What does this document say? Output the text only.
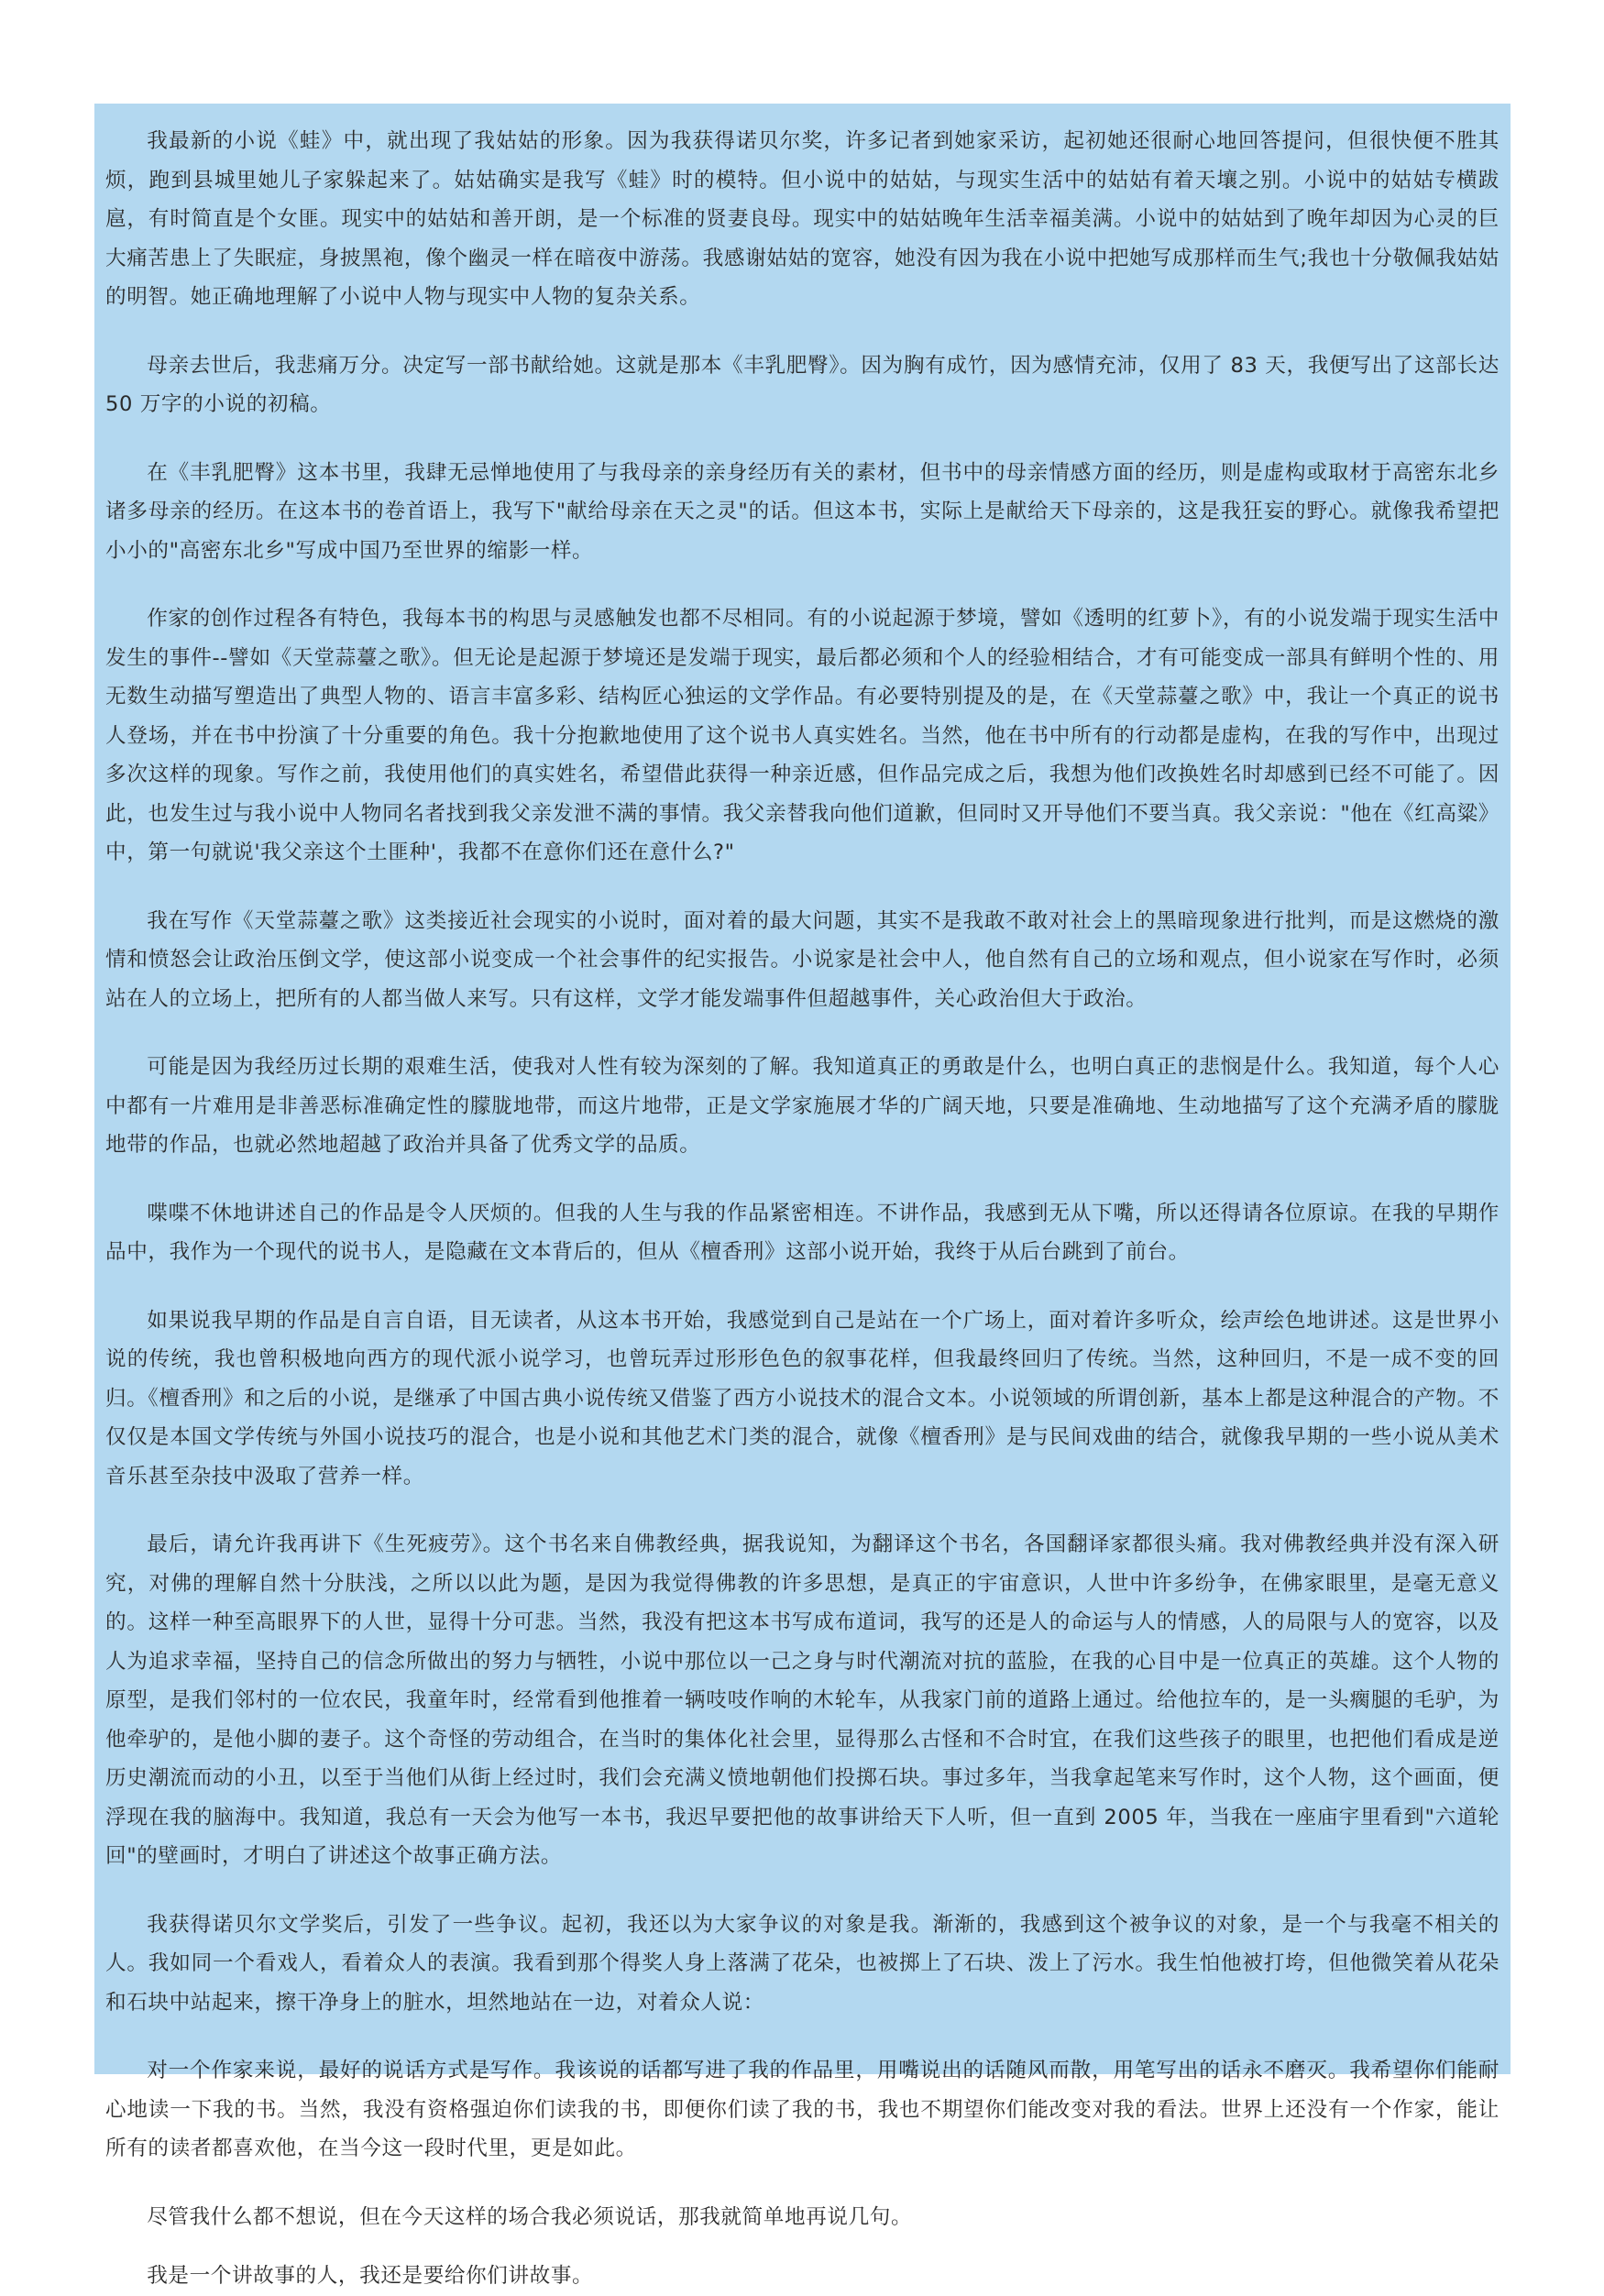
我最新的小说《蛙》中，就出现了我姑姑的形象。因为我获得诺贝尔奖，许多记者到她家采访，起初她还很耐心地回答提问，但很快便不胜其烦，跑到县城里她儿子家躲起来了。姑姑确实是我写《蛙》时的模特。但小说中的姑姑，与现实生活中的姑姑有着天壤之别。小说中的姑姑专横跋扈，有时简直是个女匪。现实中的姑姑和善开朗，是一个标准的贤妻良母。现实中的姑姑晚年生活幸福美满。小说中的姑姑到了晚年却因为心灵的巨大痛苦患上了失眠症，身披黑袍，像个幽灵一样在暗夜中游荡。我感谢姑姑的宽容，她没有因为我在小说中把她写成那样而生气;我也十分敬佩我姑姑的明智。她正确地理解了小说中人物与现实中人物的复杂关系。

母亲去世后，我悲痛万分。决定写一部书献给她。这就是那本《丰乳肥臀》。因为胸有成竹，因为感情充沛，仅用了 83 天，我便写出了这部长达 50 万字的小说的初稿。

在《丰乳肥臀》这本书里，我肆无忌惮地使用了与我母亲的亲身经历有关的素材，但书中的母亲情感方面的经历，则是虚构或取材于高密东北乡诸多母亲的经历。在这本书的卷首语上，我写下"献给母亲在天之灵"的话。但这本书，实际上是献给天下母亲的，这是我狂妄的野心。就像我希望把小小的"高密东北乡"写成中国乃至世界的缩影一样。

作家的创作过程各有特色，我每本书的构思与灵感触发也都不尽相同。有的小说起源于梦境，譬如《透明的红萝卜》，有的小说发端于现实生活中发生的事件--譬如《天堂蒜薹之歌》。但无论是起源于梦境还是发端于现实，最后都必须和个人的经验相结合，才有可能变成一部具有鲜明个性的、用无数生动描写塑造出了典型人物的、语言丰富多彩、结构匠心独运的文学作品。有必要特别提及的是，在《天堂蒜薹之歌》中，我让一个真正的说书人登场，并在书中扮演了十分重要的角色。我十分抱歉地使用了这个说书人真实姓名。当然，他在书中所有的行动都是虚构，在我的写作中，出现过多次这样的现象。写作之前，我使用他们的真实姓名，希望借此获得一种亲近感，但作品完成之后，我想为他们改换姓名时却感到已经不可能了。因此，也发生过与我小说中人物同名者找到我父亲发泄不满的事情。我父亲替我向他们道歉，但同时又开导他们不要当真。我父亲说："他在《红高粱》中，第一句就说'我父亲这个土匪种'，我都不在意你们还在意什么?"

我在写作《天堂蒜薹之歌》这类接近社会现实的小说时，面对着的最大问题，其实不是我敢不敢对社会上的黑暗现象进行批判，而是这燃烧的激情和愤怒会让政治压倒文学，使这部小说变成一个社会事件的纪实报告。小说家是社会中人，他自然有自己的立场和观点，但小说家在写作时，必须站在人的立场上，把所有的人都当做人来写。只有这样，文学才能发端事件但超越事件，关心政治但大于政治。

可能是因为我经历过长期的艰难生活，使我对人性有较为深刻的了解。我知道真正的勇敢是什么，也明白真正的悲悯是什么。我知道，每个人心中都有一片难用是非善恶标准确定性的朦胧地带，而这片地带，正是文学家施展才华的广阔天地，只要是准确地、生动地描写了这个充满矛盾的朦胧地带的作品，也就必然地超越了政治并具备了优秀文学的品质。

喋喋不休地讲述自己的作品是令人厌烦的。但我的人生与我的作品紧密相连。不讲作品，我感到无从下嘴，所以还得请各位原谅。在我的早期作品中，我作为一个现代的说书人，是隐藏在文本背后的，但从《檀香刑》这部小说开始，我终于从后台跳到了前台。

如果说我早期的作品是自言自语，目无读者，从这本书开始，我感觉到自己是站在一个广场上，面对着许多听众，绘声绘色地讲述。这是世界小说的传统，我也曾积极地向西方的现代派小说学习，也曾玩弄过形形色色的叙事花样，但我最终回归了传统。当然，这种回归，不是一成不变的回归。《檀香刑》和之后的小说，是继承了中国古典小说传统又借鉴了西方小说技术的混合文本。小说领域的所谓创新，基本上都是这种混合的产物。不仅仅是本国文学传统与外国小说技巧的混合，也是小说和其他艺术门类的混合，就像《檀香刑》是与民间戏曲的结合，就像我早期的一些小说从美术音乐甚至杂技中汲取了营养一样。

最后，请允许我再讲下《生死疲劳》。这个书名来自佛教经典，据我说知，为翻译这个书名，各国翻译家都很头痛。我对佛教经典并没有深入研究，对佛的理解自然十分肤浅，之所以以此为题，是因为我觉得佛教的许多思想，是真正的宇宙意识，人世中许多纷争，在佛家眼里，是毫无意义的。这样一种至高眼界下的人世，显得十分可悲。当然，我没有把这本书写成布道词，我写的还是人的命运与人的情感，人的局限与人的宽容，以及人为追求幸福，坚持自己的信念所做出的努力与牺牲，小说中那位以一己之身与时代潮流对抗的蓝脸，在我的心目中是一位真正的英雄。这个人物的原型，是我们邻村的一位农民，我童年时，经常看到他推着一辆吱吱作响的木轮车，从我家门前的道路上通过。给他拉车的，是一头瘸腿的毛驴，为他牵驴的，是他小脚的妻子。这个奇怪的劳动组合，在当时的集体化社会里，显得那么古怪和不合时宜，在我们这些孩子的眼里，也把他们看成是逆历史潮流而动的小丑，以至于当他们从街上经过时，我们会充满义愤地朝他们投掷石块。事过多年，当我拿起笔来写作时，这个人物，这个画面，便浮现在我的脑海中。我知道，我总有一天会为他写一本书，我迟早要把他的故事讲给天下人听，但一直到 2005 年，当我在一座庙宇里看到"六道轮回"的壁画时，才明白了讲述这个故事正确方法。

我获得诺贝尔文学奖后，引发了一些争议。起初，我还以为大家争议的对象是我。渐渐的，我感到这个被争议的对象，是一个与我毫不相关的人。我如同一个看戏人，看着众人的表演。我看到那个得奖人身上落满了花朵，也被掷上了石块、泼上了污水。我生怕他被打垮，但他微笑着从花朵和石块中站起来，擦干净身上的脏水，坦然地站在一边，对着众人说：

对一个作家来说，最好的说话方式是写作。我该说的话都写进了我的作品里，用嘴说出的话随风而散，用笔写出的话永不磨灭。我希望你们能耐心地读一下我的书。当然，我没有资格强迫你们读我的书，即便你们读了我的书，我也不期望你们能改变对我的看法。世界上还没有一个作家，能让所有的读者都喜欢他，在当今这一段时代里，更是如此。

尽管我什么都不想说，但在今天这样的场合我必须说话，那我就简单地再说几句。

我是一个讲故事的人，我还是要给你们讲故事。
